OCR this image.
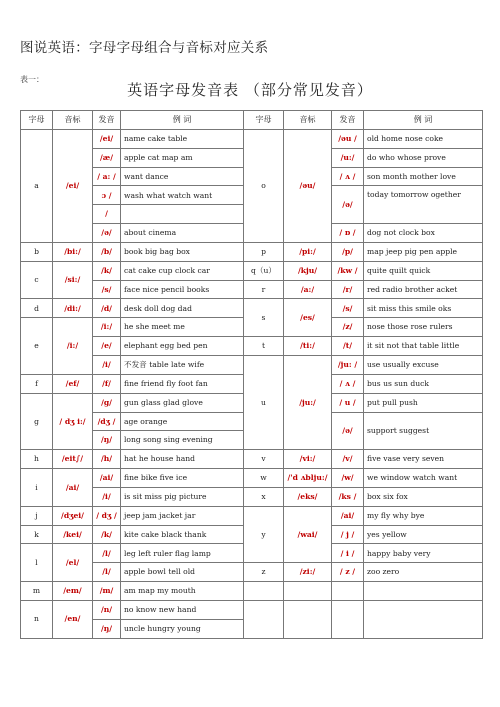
图说英语：字母字母组合与音标对应关系
表一：
英语字母发音表 （部分常见发音）
字母	音标	发音	例 词	字母	音标	发音	例 词
a	/ei/	/ei/	name cake table	o	/əu/	/əu /	old home nose coke
		/æ/	apple cat map am			/u:/	do who whose prove
		/ a: /	want dance			/ ʌ /	son month mother love
		ɔ /	wash what watch want			/ə/	today tomorrow ogether
		/					
		/ə/	about cinema			/ ɒ /	dog not clock box
b	/bi:/	/b/	book big bag box	p	/pi:/	/p/	map jeep pig pen apple
c	/si:/	/k/	cat cake cup clock car	q（u）	/kju/	/kw /	quite quilt quick
		/s/	face nice pencil books	r	/a:/	/r/	red radio brother acket
d	/di:/	/d/	desk doll dog dad	s	/es/	/s/	sit miss this smile oks
e	/i:/	/i:/	he she meet me			/z/	nose those rose rulers
		/e/	elephant egg bed pen	t	/ti:/	/t/	it sit not that table little
		/i/	不发音 table late wife	u	/ju:/	/ju: /	use usually excuse
f	/ef/	/f/	fine friend fly foot fan			/ ʌ /	bus us sun duck
g	/ dʒ i:/	/g/	gun glass glad glove			/ u /	put pull push
		/dʒ /	age orange			/ə/	support suggest
		/ŋ/	long song sing evening				
h	/eit∫/	/h/	hat he house hand	v	/vi:/	/v/	five vase very seven
i	/ai/	/ai/	fine bike five ice	w	/'d ʌblju:/	/w/	we window watch want
		/i/	is sit miss pig picture	x	/eks/	/ks /	box six fox
j	/dʒei/	/ dʒ /	jeep jam jacket jar	y	/wai/	/ai/	my fly why bye
k	/kei/	/k/	kite cake black thank			/ j /	yes yellow
l	/el/	/l/	leg left ruler flag lamp			/ i /	happy baby very
		/l/	apple bowl tell old	z	/zi:/	/ z /	zoo zero
m	/em/	/m/	am map my mouth				
n	/en/	/n/	no know new hand				
		/ŋ/	uncle hungry young				
